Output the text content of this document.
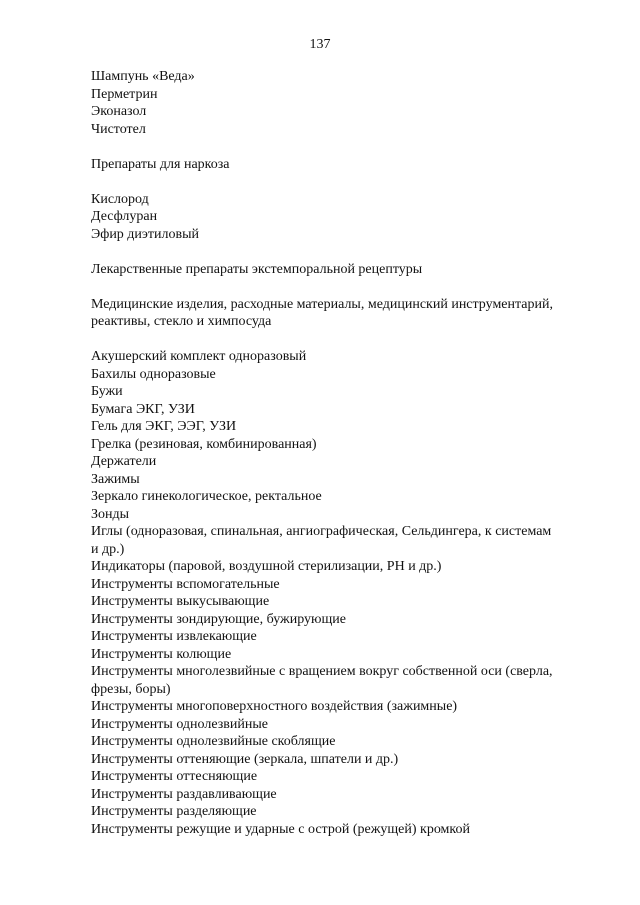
137

Шампунь «Веда»

Перметрин

Эконазол

Чистотел

Препараты для наркоза

Кислород

Десфлуран

Эфир диэтиловый

Лекарственные препараты экстемпоральной рецептуры

Медицинские изделия, расходные материалы, медицинский инструментарий,

реактивы, стекло и химпосуда

Акушерский комплект одноразовый

Бахилы одноразовые

Бужи

Бумага ЭКГ, УЗИ

Гель для ЭКГ, ЭЭГ, УЗИ

Грелка (резиновая, комбинированная)

Держатели

Зажимы

Зеркало гинекологическое, ректальное

Зонды

Иглы (одноразовая, спинальная, ангиографическая, Сельдингера, к системам

и др.)

Индикаторы (паровой, воздушной стерилизации, PH и др.)

Инструменты вспомогательные

Инструменты выкусывающие

Инструменты зондирующие, бужирующие

Инструменты извлекающие

Инструменты колющие

Инструменты многолезвийные с вращением вокруг собственной оси (сверла,

фрезы, боры)

Инструменты многоповерхностного воздействия (зажимные)

Инструменты однолезвийные

Инструменты однолезвийные скоблящие

Инструменты оттеняющие (зеркала, шпатели и др.)

Инструменты оттесняющие

Инструменты раздавливающие

Инструменты разделяющие

Инструменты режущие и ударные с острой (режущей) кромкой
